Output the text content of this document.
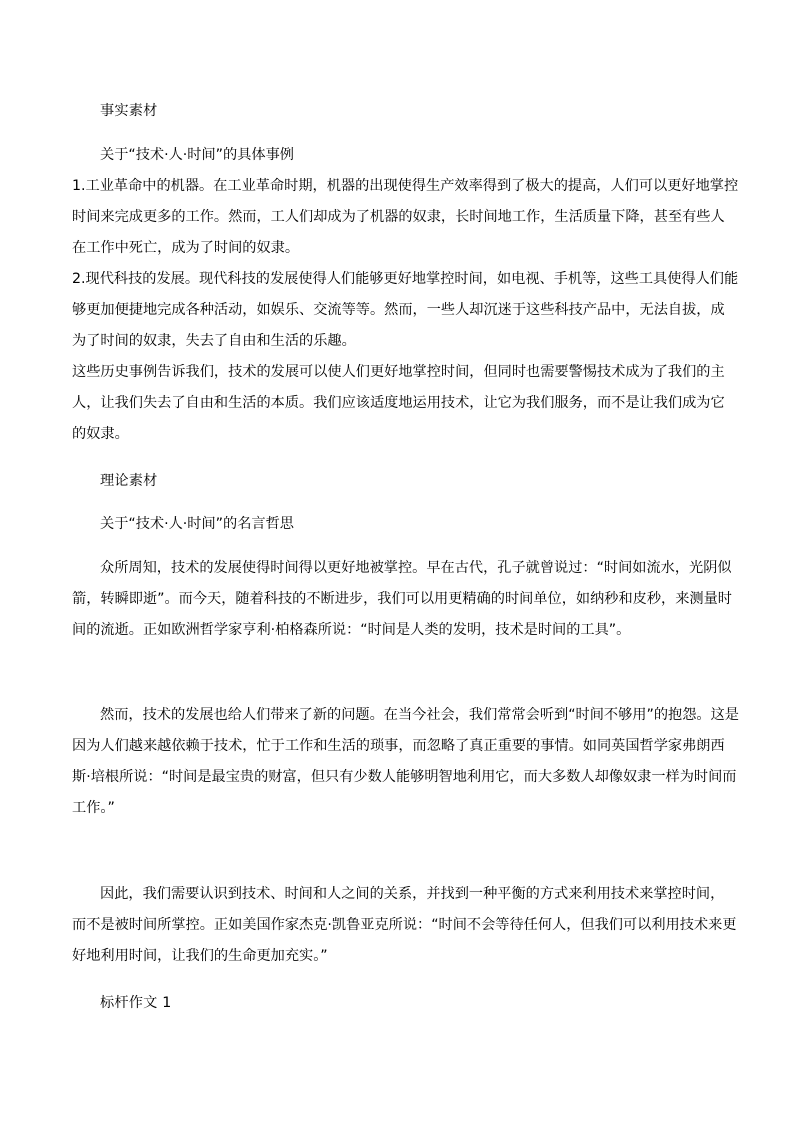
事实素材
关于“技术·人·时间”的具体事例
1.工业革命中的机器。在工业革命时期，机器的出现使得生产效率得到了极大的提高，人们可以更好地掌控
时间来完成更多的工作。然而，工人们却成为了机器的奴隶，长时间地工作，生活质量下降，甚至有些人
在工作中死亡，成为了时间的奴隶。
2.现代科技的发展。现代科技的发展使得人们能够更好地掌控时间，如电视、手机等，这些工具使得人们能
够更加便捷地完成各种活动，如娱乐、交流等等。然而，一些人却沉迷于这些科技产品中，无法自拔，成
为了时间的奴隶，失去了自由和生活的乐趣。
这些历史事例告诉我们，技术的发展可以使人们更好地掌控时间，但同时也需要警惕技术成为了我们的主
人，让我们失去了自由和生活的本质。我们应该适度地运用技术，让它为我们服务，而不是让我们成为它
的奴隶。
理论素材
关于“技术·人·时间”的名言哲思
众所周知，技术的发展使得时间得以更好地被掌控。早在古代，孔子就曾说过：“时间如流水，光阴似
箭，转瞬即逝”。而今天，随着科技的不断进步，我们可以用更精确的时间单位，如纳秒和皮秒，来测量时
间的流逝。正如欧洲哲学家亨利·柏格森所说：“时间是人类的发明，技术是时间的工具”。
然而，技术的发展也给人们带来了新的问题。在当今社会，我们常常会听到“时间不够用”的抱怨。这是
因为人们越来越依赖于技术，忙于工作和生活的琐事，而忽略了真正重要的事情。如同英国哲学家弗朗西
斯·培根所说：“时间是最宝贵的财富，但只有少数人能够明智地利用它，而大多数人却像奴隶一样为时间而
工作。”
因此，我们需要认识到技术、时间和人之间的关系，并找到一种平衡的方式来利用技术来掌控时间，
而不是被时间所掌控。正如美国作家杰克·凯鲁亚克所说：“时间不会等待任何人，但我们可以利用技术来更
好地利用时间，让我们的生命更加充实。”
标杆作文 1
